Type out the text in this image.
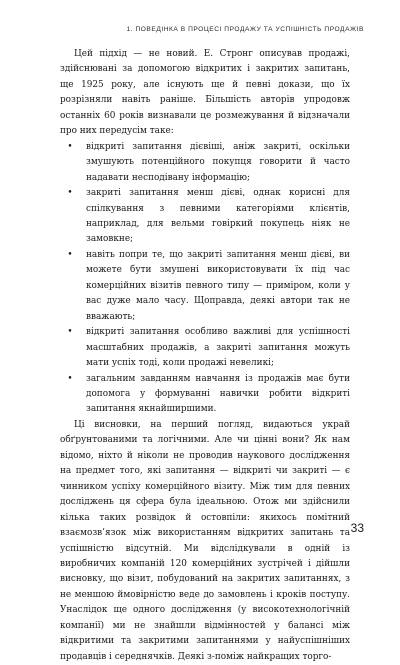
1. ПОВЕДІНКА В ПРОЦЕСІ ПРОДАЖУ ТА УСПІШНІСТЬ ПРОДАЖІВ

Цей підхід — не новий. Е. Стронг описував продажі, здійснювані за допомогою відкритих і закритих запитань, ще 1925 року, але існують ще й певні докази, що їх розрізняли навіть раніше. Більшість авторів упродовж останніх 60 років визнавали це розмежування й відзначали про них передусім таке:

•	відкриті запитання дієвіші, аніж закриті, оскільки змушують потенційного покупця говорити й часто надавати несподівану інформацію;
•	закриті запитання менш дієві, однак корисні для спілкування з певними категоріями клієнтів, наприклад, для вельми говіркий покупець ніяк не замовкне;
•	навіть попри те, що закриті запитання менш дієві, ви можете бути змушені використовувати їх під час комерційних візитів певного типу — приміром, коли у вас дуже мало часу. Щоправда, деякі автори так не вважають;
•	відкриті запитання особливо важливі для успішності масштабних продажів, а закриті запитання можуть мати успіх тоді, коли продажі невеликі;
•	загальним завданням навчання із продажів має бути допомога у формуванні навички робити відкриті запитання якнайширшими.

Ці висновки, на перший погляд, видаються украй обґрунтованими та логічними. Але чи цінні вони? Як нам відомо, ніхто й ніколи не проводив наукового дослідження на предмет того, які запитання — відкриті чи закриті — є чинником успіху комерційного візиту. Між тим для певних досліджень ця сфера була ідеальною. Отож ми здійснили кілька таких розвідок й остовпіли: якихось помітний взаємозв’язок між використанням відкритих запитань та успішністю відсутній. Ми відслідкували в одній із виробничих компаній 120 комерційних зустрічей і дійшли висновку, що візит, побудований на закритих запитаннях, з не меншою ймовірністю веде до замовлень і кроків поступу. Унаслідок ще одного дослідження (у високотехнологічній компанії) ми не знайшли відмінностей у балансі між відкритими та закритими запитаннями у найуспішніших продавців і середнячків. Деякі з-поміж найкращих торго-

33
